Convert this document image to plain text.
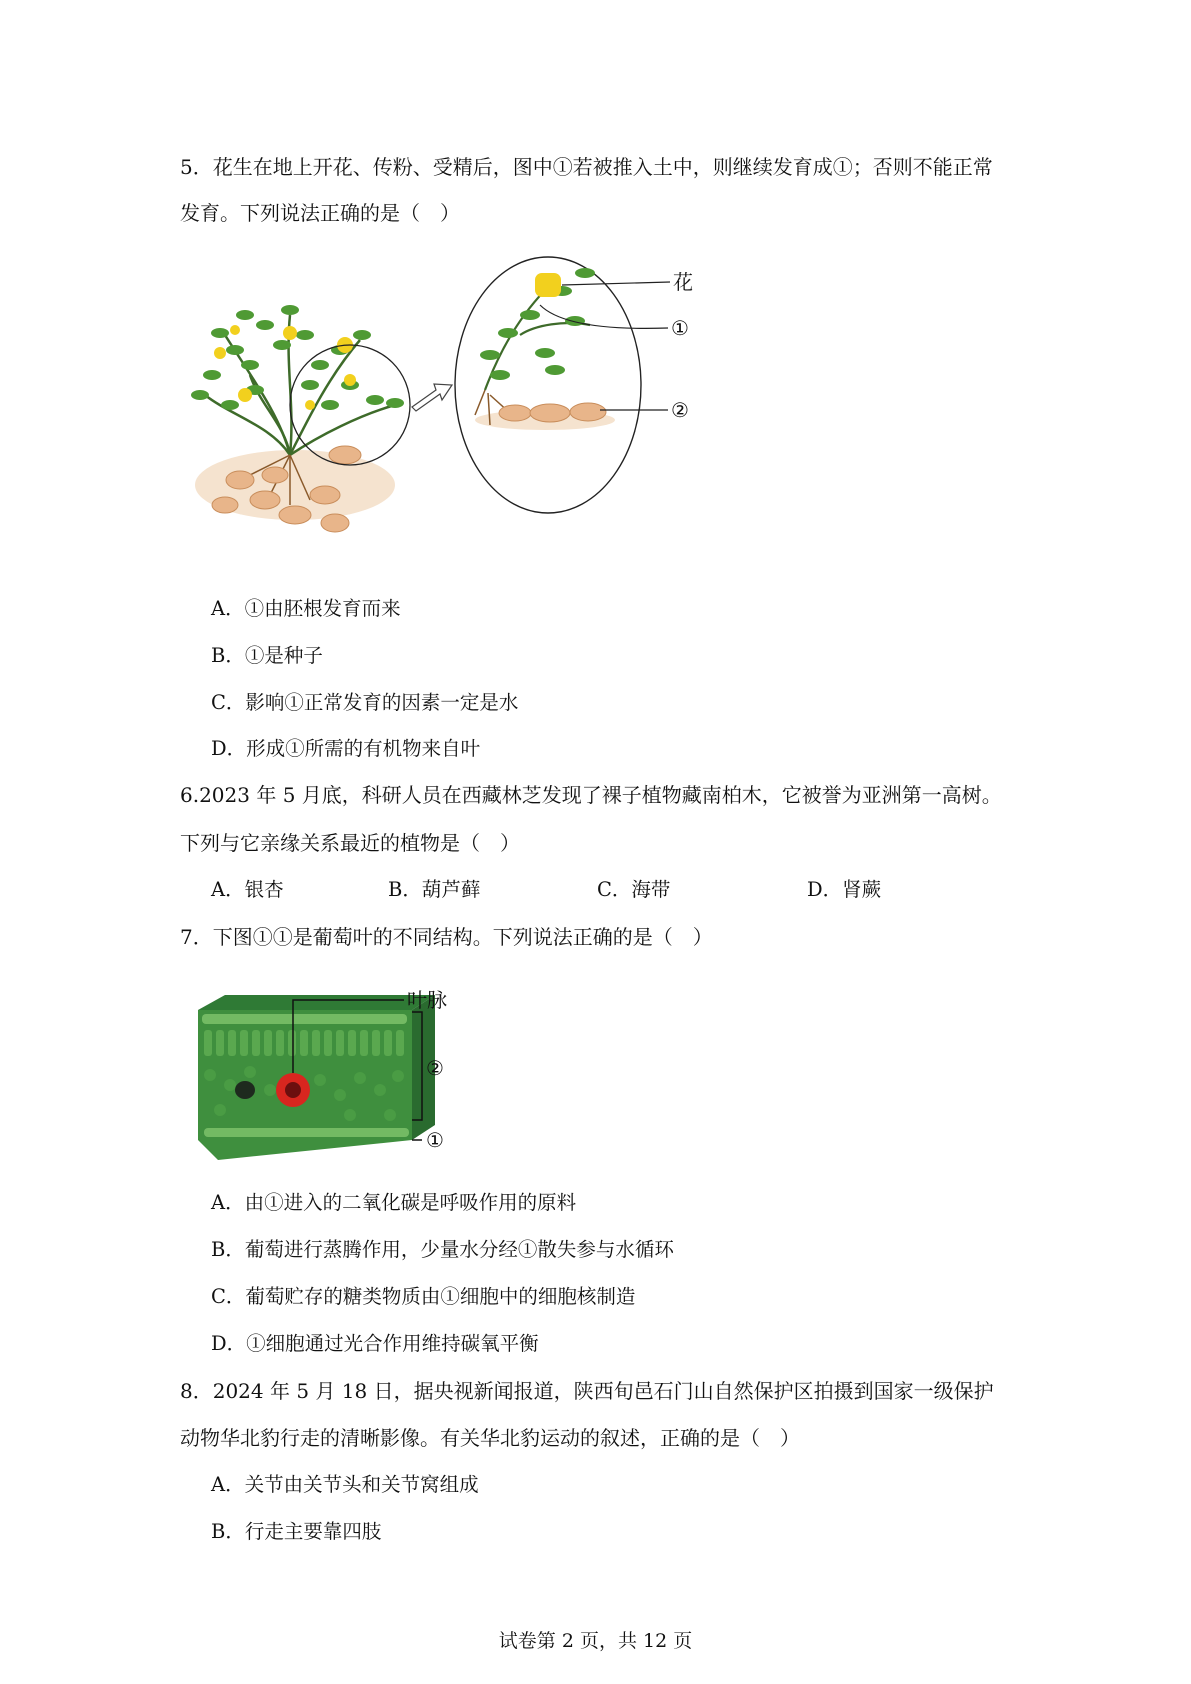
5．花生在地上开花、传粉、受精后，图中①若被推入土中，则继续发育成①；否则不能正常
发育。下列说法正确的是（　）
花
①
②
A．①由胚根发育而来
B．①是种子
C．影响①正常发育的因素一定是水
D．形成①所需的有机物来自叶
6.2023 年 5 月底，科研人员在西藏林芝发现了裸子植物藏南柏木，它被誉为亚洲第一高树。
下列与它亲缘关系最近的植物是（　）
A．银杏	B．葫芦藓	C．海带	D．肾蕨
7．下图①①是葡萄叶的不同结构。下列说法正确的是（　）
叶脉
②
①
A．由①进入的二氧化碳是呼吸作用的原料
B．葡萄进行蒸腾作用，少量水分经①散失参与水循环
C．葡萄贮存的糖类物质由①细胞中的细胞核制造
D．①细胞通过光合作用维持碳氧平衡
8．2024 年 5 月 18 日，据央视新闻报道，陕西旬邑石门山自然保护区拍摄到国家一级保护
动物华北豹行走的清晰影像。有关华北豹运动的叙述，正确的是（　）
A．关节由关节头和关节窝组成
B．行走主要靠四肢
试卷第 2 页，共 12 页
